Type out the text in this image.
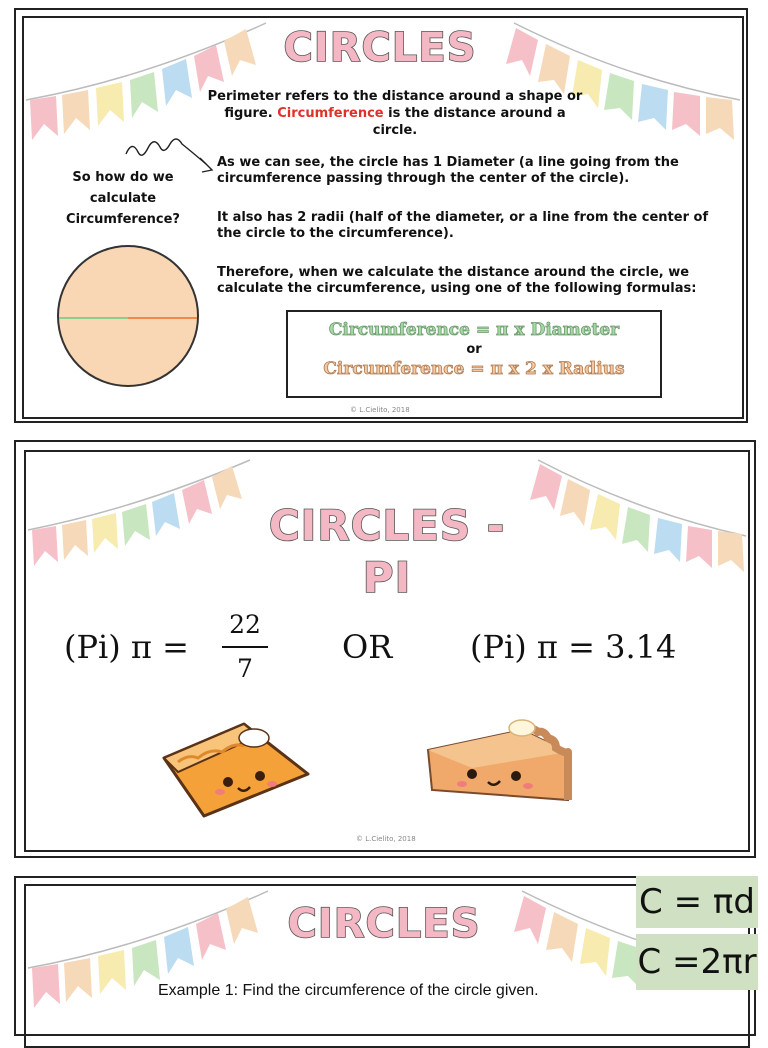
CIRCLES
Perimeter refers to the distance around a shape or figure. Circumference is the distance around a circle.
So how do we calculate Circumference?
As we can see, the circle has 1 Diameter (a line going from the circumference passing through the center of the circle).
It also has 2 radii (half of the diameter, or a line from the center of the circle to the circumference).
Therefore, when we calculate the distance around the circle, we calculate the circumference, using one of the following formulas:
Circumference = π x Diameter
or
Circumference = π x 2 x Radius
© L.Cielito, 2018
CIRCLES - PI
(Pi) π =
22
7
OR (Pi) π = 3.14
© L.Cielito, 2018
CIRCLES
Example 1: Find the circumference of the circle given.
C = πd
C =2πr
